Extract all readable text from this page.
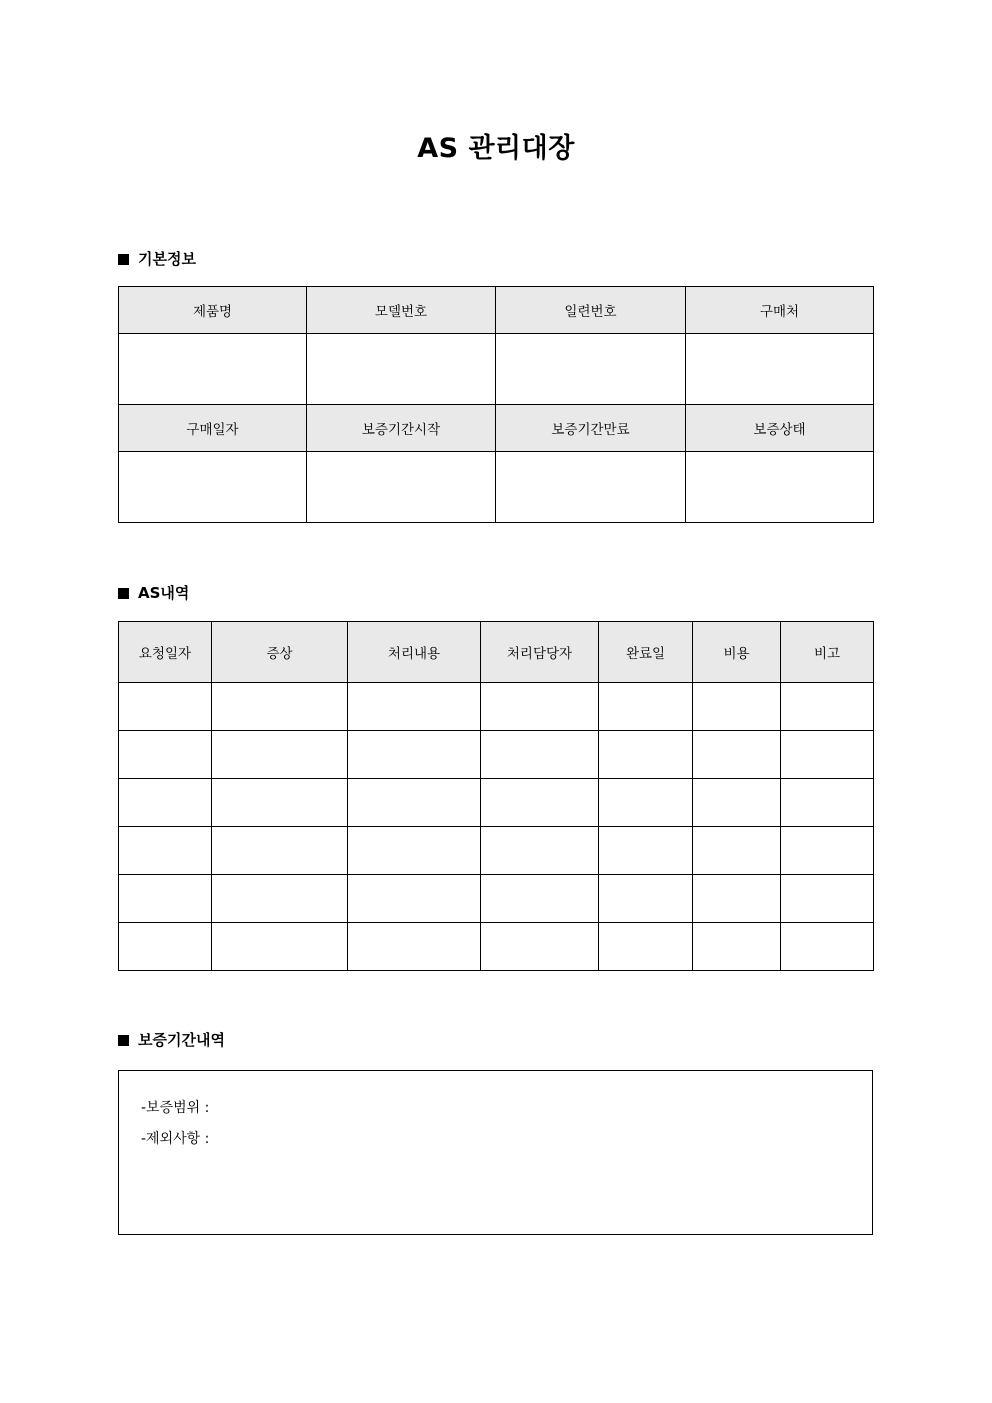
AS 관리대장
기본정보
제품명	모델번호	일련번호	구매처

구매일자	보증기간시작	보증기간만료	보증상태

AS내역
요청일자	증상	처리내용	처리담당자	완료일	비용	비고

보증기간내역
-보증범위 :
-제외사항 :
